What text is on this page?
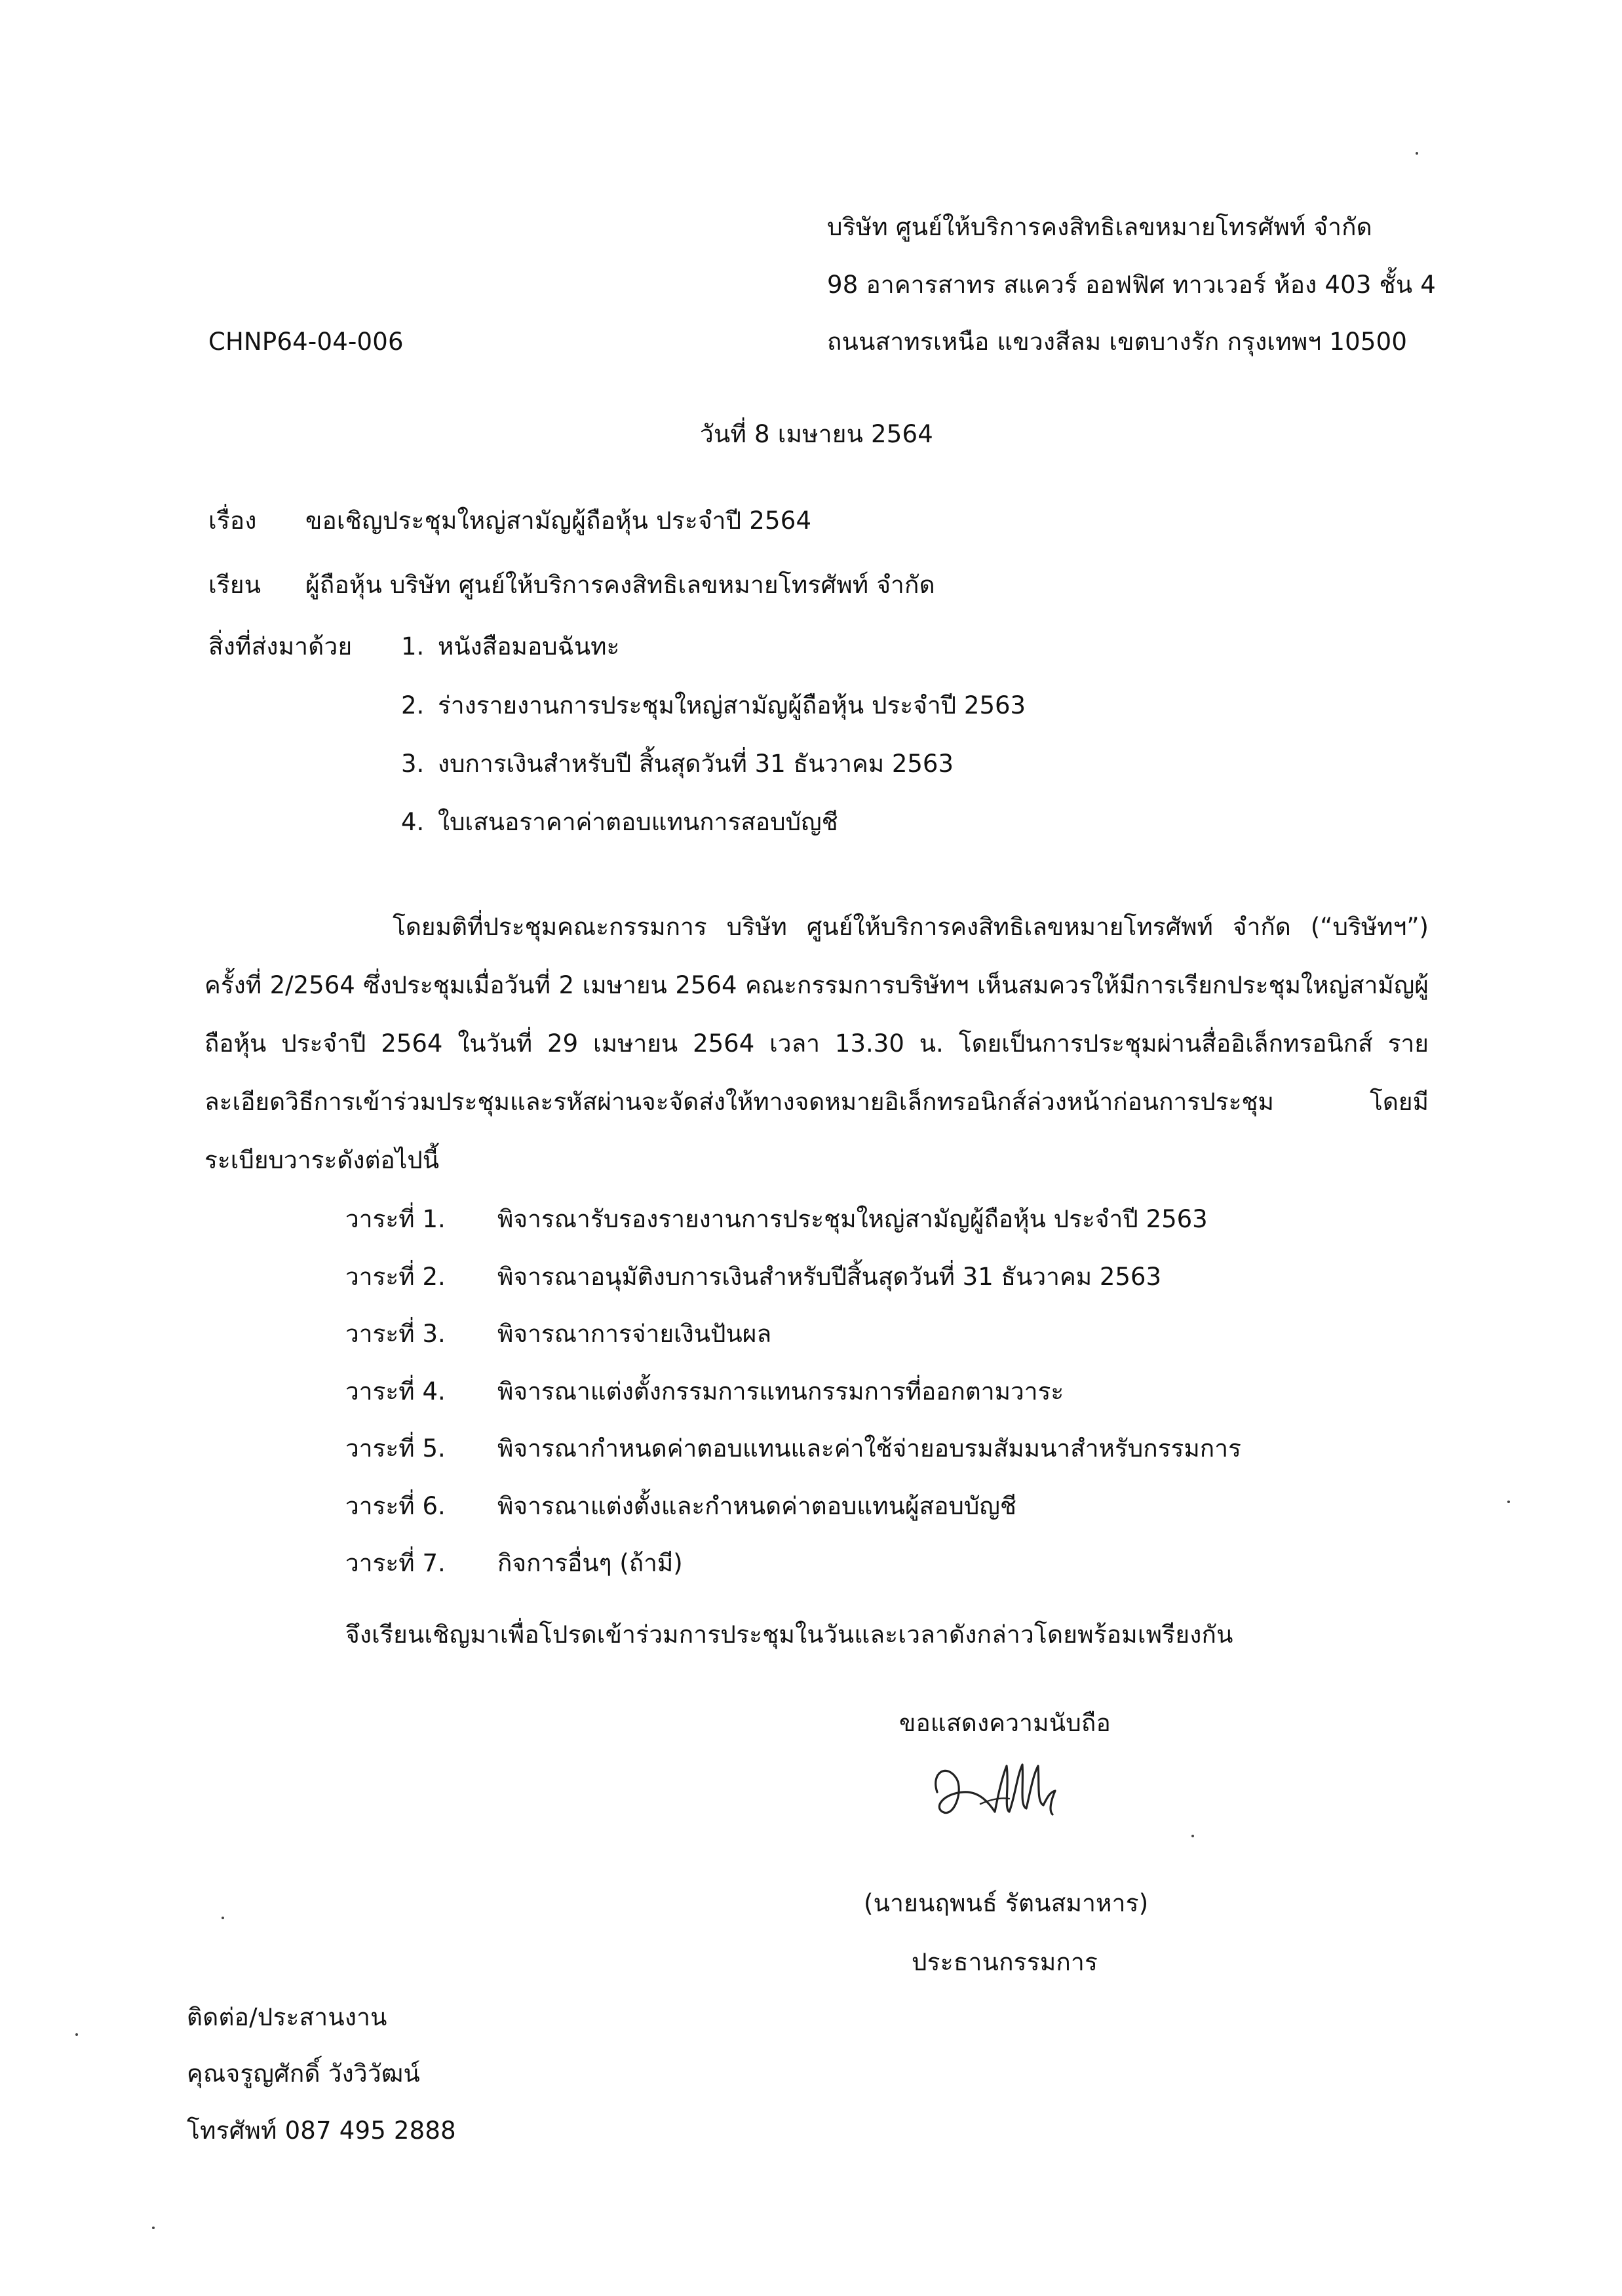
บริษัท ศูนย์ให้บริการคงสิทธิเลขหมายโทรศัพท์ จำกัด
98 อาคารสาทร สแควร์ ออฟฟิศ ทาวเวอร์ ห้อง 403 ชั้น 4
ถนนสาทรเหนือ แขวงสีลม เขตบางรัก กรุงเทพฯ 10500
CHNP64-04-006
วันที่ 8 เมษายน 2564
เรื่อง ขอเชิญประชุมใหญ่สามัญผู้ถือหุ้น ประจำปี 2564
เรียน ผู้ถือหุ้น บริษัท ศูนย์ให้บริการคงสิทธิเลขหมายโทรศัพท์ จำกัด
สิ่งที่ส่งมาด้วย 1. หนังสือมอบฉันทะ
2. ร่างรายงานการประชุมใหญ่สามัญผู้ถือหุ้น ประจำปี 2563
3. งบการเงินสำหรับปี สิ้นสุดวันที่ 31 ธันวาคม 2563
4. ใบเสนอราคาค่าตอบแทนการสอบบัญชี
โดยมติที่ประชุมคณะกรรมการ บริษัท ศูนย์ให้บริการคงสิทธิเลขหมายโทรศัพท์ จำกัด (“บริษัทฯ”) ครั้งที่ 2/2564 ซึ่งประชุมเมื่อวันที่ 2 เมษายน 2564 คณะกรรมการบริษัทฯ เห็นสมควรให้มีการเรียกประชุมใหญ่สามัญผู้ถือหุ้น ประจำปี 2564 ในวันที่ 29 เมษายน 2564 เวลา 13.30 น. โดยเป็นการประชุมผ่านสื่ออิเล็กทรอนิกส์ รายละเอียดวิธีการเข้าร่วมประชุมและรหัสผ่านจะจัดส่งให้ทางจดหมายอิเล็กทรอนิกส์ล่วงหน้าก่อนการประชุม โดยมีระเบียบวาระดังต่อไปนี้
วาระที่ 1.	พิจารณารับรองรายงานการประชุมใหญ่สามัญผู้ถือหุ้น ประจำปี 2563
วาระที่ 2.	พิจารณาอนุมัติงบการเงินสำหรับปีสิ้นสุดวันที่ 31 ธันวาคม 2563
วาระที่ 3.	พิจารณาการจ่ายเงินปันผล
วาระที่ 4.	พิจารณาแต่งตั้งกรรมการแทนกรรมการที่ออกตามวาระ
วาระที่ 5.	พิจารณากำหนดค่าตอบแทนและค่าใช้จ่ายอบรมสัมมนาสำหรับกรรมการ
วาระที่ 6.	พิจารณาแต่งตั้งและกำหนดค่าตอบแทนผู้สอบบัญชี
วาระที่ 7.	กิจการอื่นๆ (ถ้ามี)
จึงเรียนเชิญมาเพื่อโปรดเข้าร่วมการประชุมในวันและเวลาดังกล่าวโดยพร้อมเพรียงกัน
ขอแสดงความนับถือ
(นายนฤพนธ์ รัตนสมาหาร)
ประธานกรรมการ
ติดต่อ/ประสานงาน
คุณจรูญศักดิ์ วังวิวัฒน์
โทรศัพท์ 087 495 2888
